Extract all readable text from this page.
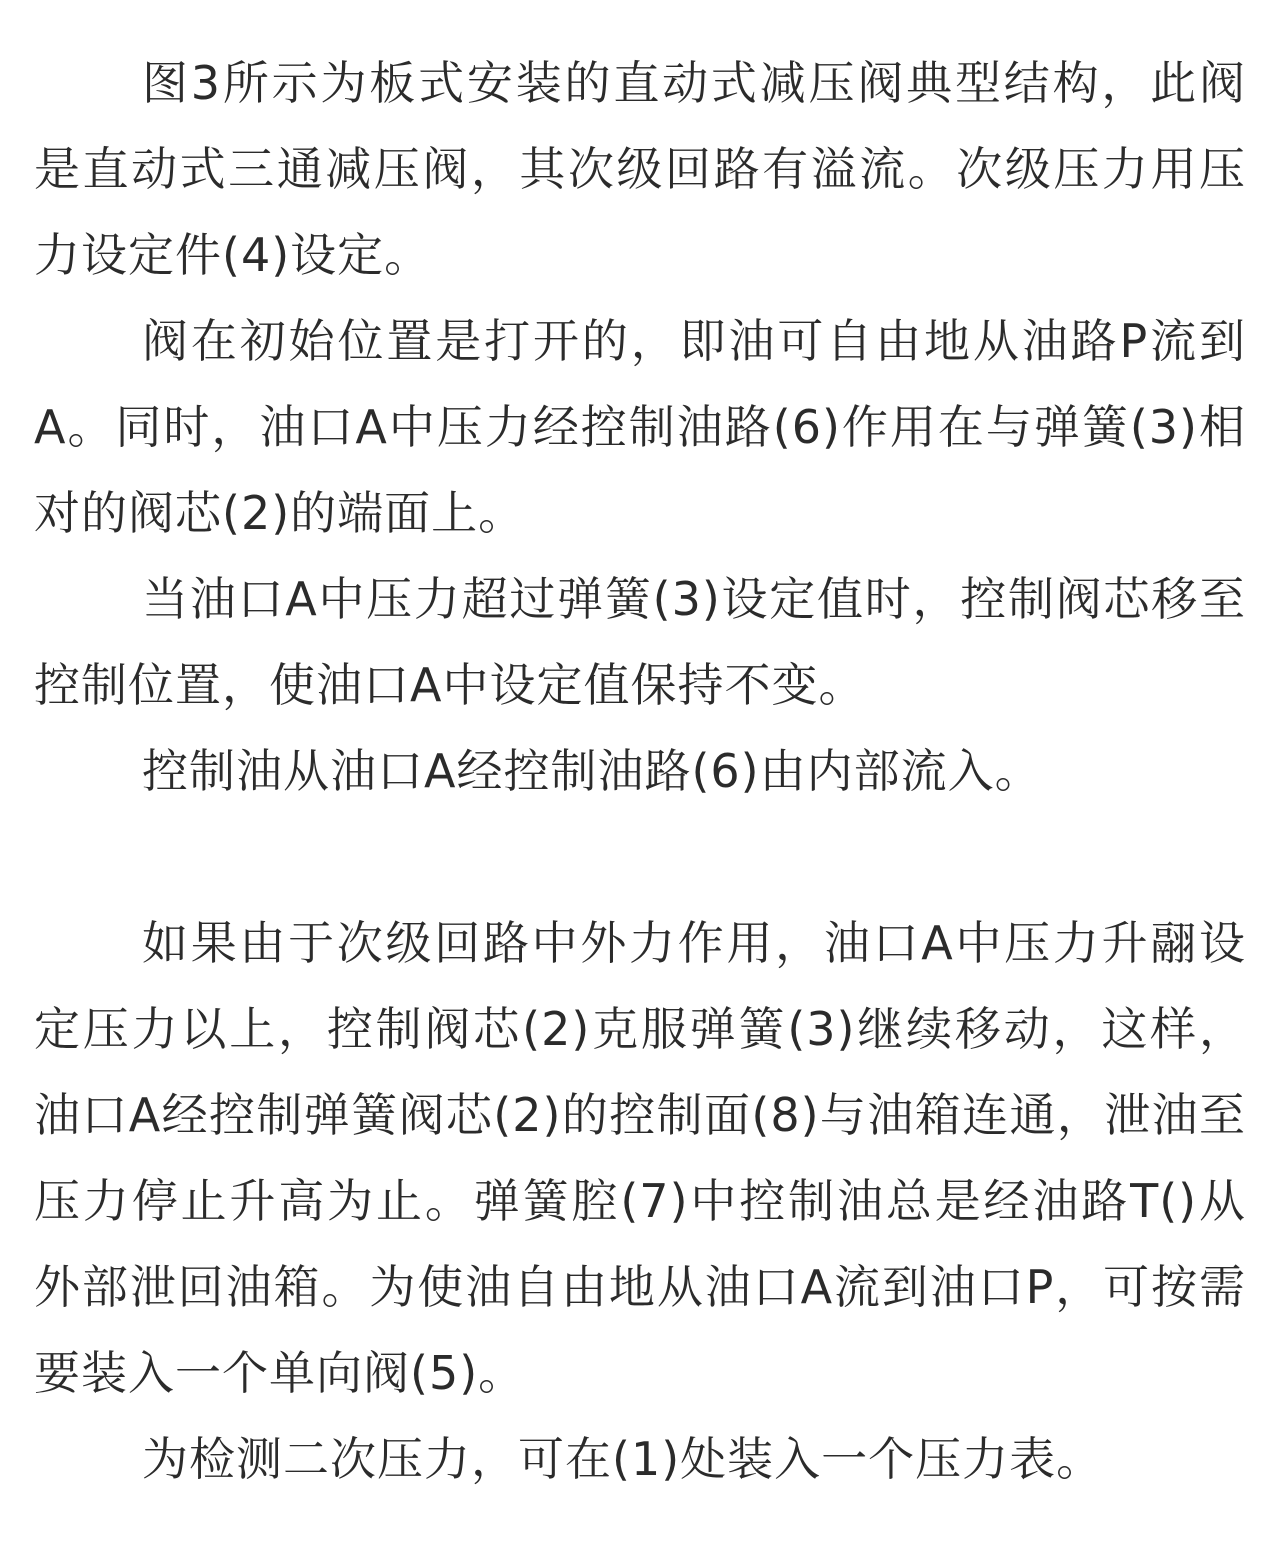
图3所示为板式安装的直动式减压阀典型结构，此阀是直动式三通减压阀，其次级回路有溢流。次级压力用压力设定件(4)设定。

阀在初始位置是打开的，即油可自由地从油路P流到A。同时，油口A中压力经控制油路(6)作用在与弹簧(3)相对的阀芯(2)的端面上。

当油口A中压力超过弹簧(3)设定值时，控制阀芯移至控制位置，使油口A中设定值保持不变。

控制油从油口A经控制油路(6)由内部流入。

如果由于次级回路中外力作用，油口A中压力升翮设定压力以上，控制阀芯(2)克服弹簧(3)继续移动，这样，油口A经控制弹簧阀芯(2)的控制面(8)与油箱连通，泄油至压力停止升高为止。弹簧腔(7)中控制油总是经油路T()从外部泄回油箱。为使油自由地从油口A流到油口P，可按需要装入一个单向阀(5)。

为检测二次压力，可在(1)处装入一个压力表。
